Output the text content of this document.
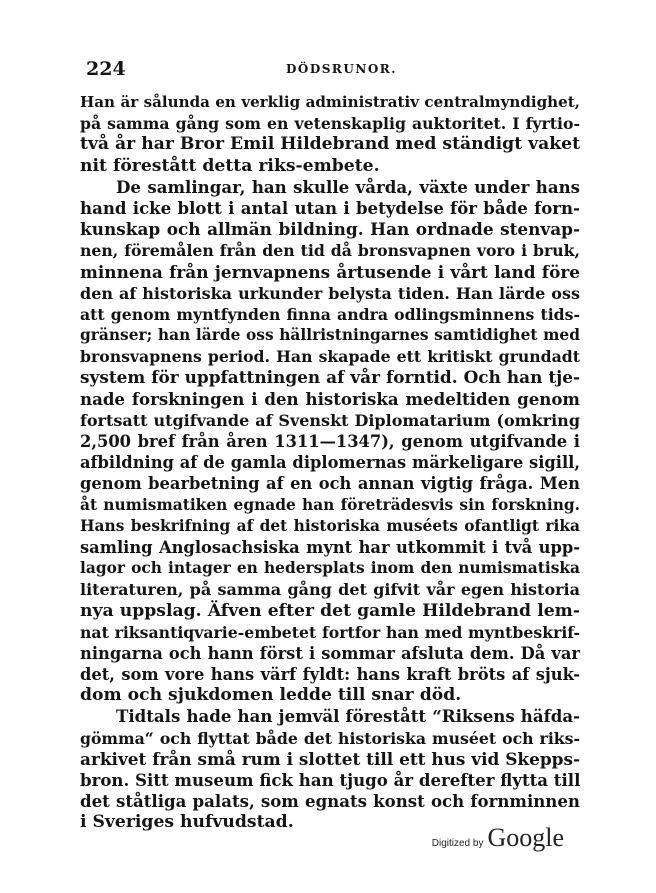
224	DÖDSRUNOR.
Han är sålunda en verklig administrativ centralmyndighet,
på samma gång som en vetenskaplig auktoritet. I fyrtio-
två år har Bror Emil Hildebrand med ständigt vaket
nit förestått detta riks-embete.
De samlingar, han skulle vårda, växte under hans
hand icke blott i antal utan i betydelse för både forn-
kunskap och allmän bildning. Han ordnade stenvap-
nen, föremålen från den tid då bronsvapnen voro i bruk,
minnena från jernvapnens årtusende i vårt land före
den af historiska urkunder belysta tiden. Han lärde oss
att genom myntfynden finna andra odlingsminnens tids-
gränser; han lärde oss hällristningarnes samtidighet med
bronsvapnens period. Han skapade ett kritiskt grundadt
system för uppfattningen af vår forntid. Och han tje-
nade forskningen i den historiska medeltiden genom
fortsatt utgifvande af Svenskt Diplomatarium (omkring
2,500 bref från åren 1311—1347), genom utgifvande i
afbildning af de gamla diplomernas märkeligare sigill,
genom bearbetning af en och annan vigtig fråga. Men
åt numismatiken egnade han företrädesvis sin forskning.
Hans beskrifning af det historiska muséets ofantligt rika
samling Anglosachsiska mynt har utkommit i två upp-
lagor och intager en hedersplats inom den numismatiska
literaturen, på samma gång det gifvit vår egen historia
nya uppslag. Äfven efter det gamle Hildebrand lem-
nat riksantiqvarie-embetet fortfor han med myntbeskrif-
ningarna och hann först i sommar afsluta dem. Då var
det, som vore hans värf fyldt: hans kraft bröts af sjuk-
dom och sjukdomen ledde till snar död.
Tidtals hade han jemväl förestått “Riksens häfda-
gömma“ och flyttat både det historiska muséet och riks-
arkivet från små rum i slottet till ett hus vid Skepps-
bron. Sitt museum fick han tjugo år derefter flytta till
det ståtliga palats, som egnats konst och fornminnen
i Sveriges hufvudstad.
Digitized by Google
